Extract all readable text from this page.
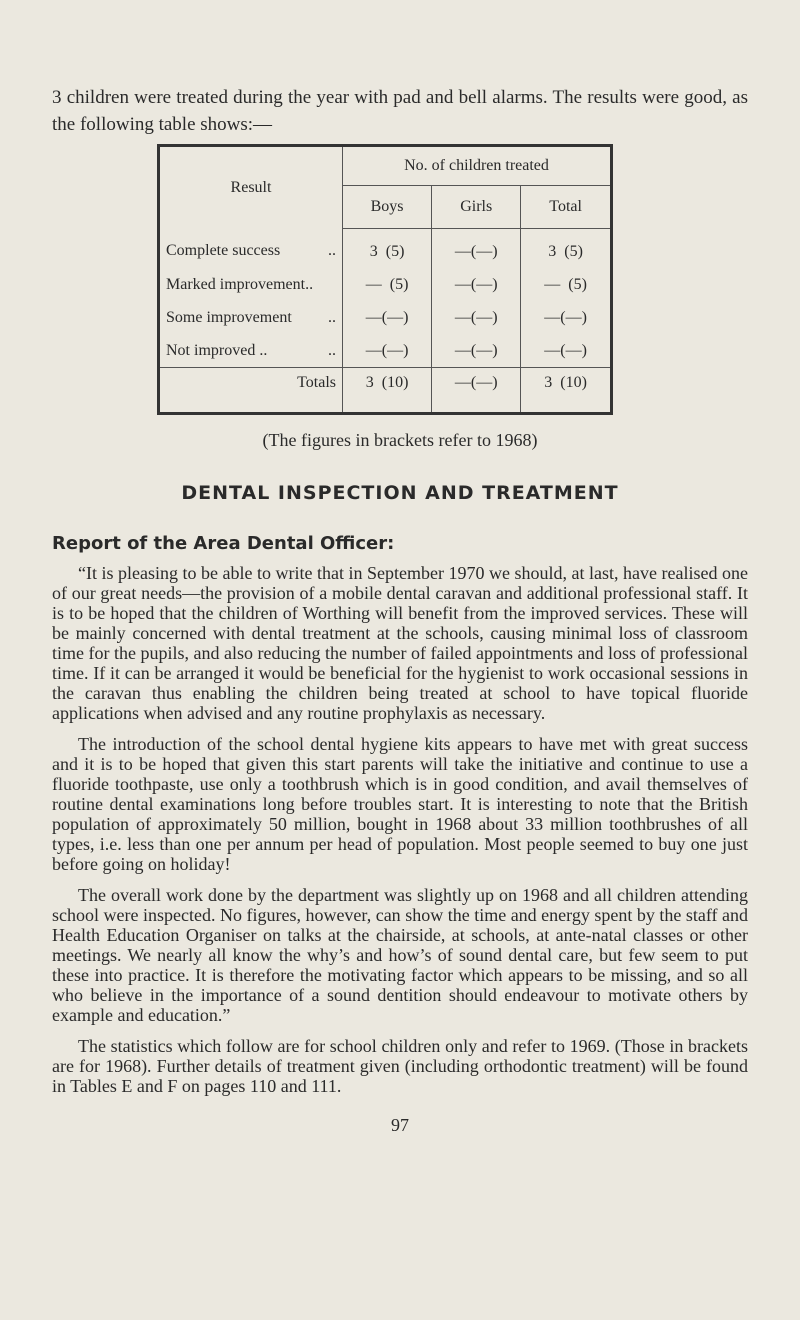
3 children were treated during the year with pad and bell alarms. The results were good, as the following table shows:—

Result	No. of children treated		
	Boys	Girls	Total
Complete success ..	3  (5)	—(—)	3  (5)
Marked improvement..	—  (5)	—(—)	—  (5)
Some improvement ..	—(—)	—(—)	—(—)
Not improved .. ..	—(—)	—(—)	—(—)
Totals	3  (10)	—(—)	3  (10)
(The figures in brackets refer to 1968)
DENTAL INSPECTION AND TREATMENT
Report of the Area Dental Officer:

“It is pleasing to be able to write that in September 1970 we should, at last, have realised one of our great needs—the provision of a mobile dental caravan and additional professional staff. It is to be hoped that the children of Worthing will benefit from the improved services. These will be mainly concerned with dental treatment at the schools, causing minimal loss of classroom time for the pupils, and also reducing the number of failed appointments and loss of professional time. If it can be arranged it would be beneficial for the hygienist to work occasional sessions in the caravan thus enabling the children being treated at school to have topical fluoride applications when advised and any routine prophylaxis as necessary.

The introduction of the school dental hygiene kits appears to have met with great success and it is to be hoped that given this start parents will take the initiative and continue to use a fluoride toothpaste, use only a toothbrush which is in good condition, and avail themselves of routine dental examinations long before troubles start. It is interesting to note that the British population of approximately 50 million, bought in 1968 about 33 million toothbrushes of all types, i.e. less than one per annum per head of population. Most people seemed to buy one just before going on holiday!

The overall work done by the department was slightly up on 1968 and all children attending school were inspected. No figures, however, can show the time and energy spent by the staff and Health Education Organiser on talks at the chairside, at schools, at ante-natal classes or other meetings. We nearly all know the why’s and how’s of sound dental care, but few seem to put these into practice. It is therefore the motivating factor which appears to be missing, and so all who believe in the importance of a sound dentition should endeavour to motivate others by example and education.”

The statistics which follow are for school children only and refer to 1969. (Those in brackets are for 1968). Further details of treatment given (including orthodontic treatment) will be found in Tables E and F on pages 110 and 111.

97
